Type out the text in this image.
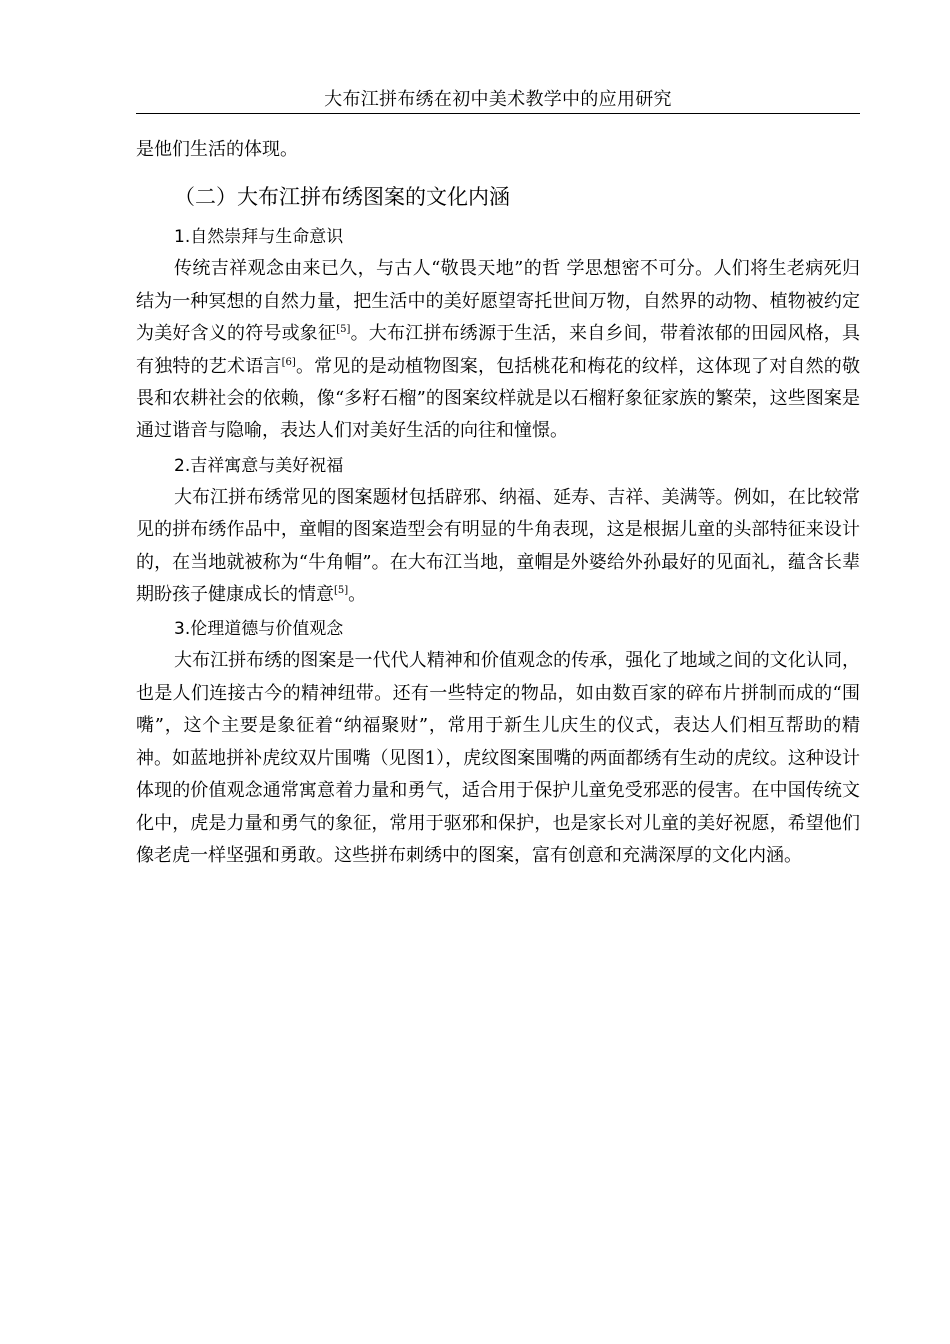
大布江拼布绣在初中美术教学中的应用研究

是他们生活的体现。

（二）大布江拼布绣图案的文化内涵
1.自然崇拜与生命意识

传统吉祥观念由来已久，与古人“敬畏天地”的哲 学思想密不可分。人们将生老病死归结为一种冥想的自然力量，把生活中的美好愿望寄托世间万物，自然界的动物、植物被约定为美好含义的符号或象征[5]。大布江拼布绣源于生活，来自乡间，带着浓郁的田园风格，具有独特的艺术语言[6]。常见的是动植物图案，包括桃花和梅花的纹样，这体现了对自然的敬畏和农耕社会的依赖，像“多籽石榴”的图案纹样就是以石榴籽象征家族的繁荣，这些图案是通过谐音与隐喻，表达人们对美好生活的向往和憧憬。

2.吉祥寓意与美好祝福

大布江拼布绣常见的图案题材包括辟邪、纳福、延寿、吉祥、美满等。例如，在比较常见的拼布绣作品中，童帽的图案造型会有明显的牛角表现，这是根据儿童的头部特征来设计的，在当地就被称为“牛角帽”。在大布江当地，童帽是外婆给外孙最好的见面礼，蕴含长辈期盼孩子健康成长的情意[5]。

3.伦理道德与价值观念

大布江拼布绣的图案是一代代人精神和价值观念的传承，强化了地域之间的文化认同，也是人们连接古今的精神纽带。还有一些特定的物品，如由数百家的碎布片拼制而成的“围嘴”，这个主要是象征着“纳福聚财”，常用于新生儿庆生的仪式，表达人们相互帮助的精神。如蓝地拼补虎纹双片围嘴（见图1），虎纹图案围嘴的两面都绣有生动的虎纹。这种设计体现的价值观念通常寓意着力量和勇气，适合用于保护儿童免受邪恶的侵害。在中国传统文化中，虎是力量和勇气的象征，常用于驱邪和保护，也是家长对儿童的美好祝愿，希望他们像老虎一样坚强和勇敢。这些拼布刺绣中的图案，富有创意和充满深厚的文化内涵。
